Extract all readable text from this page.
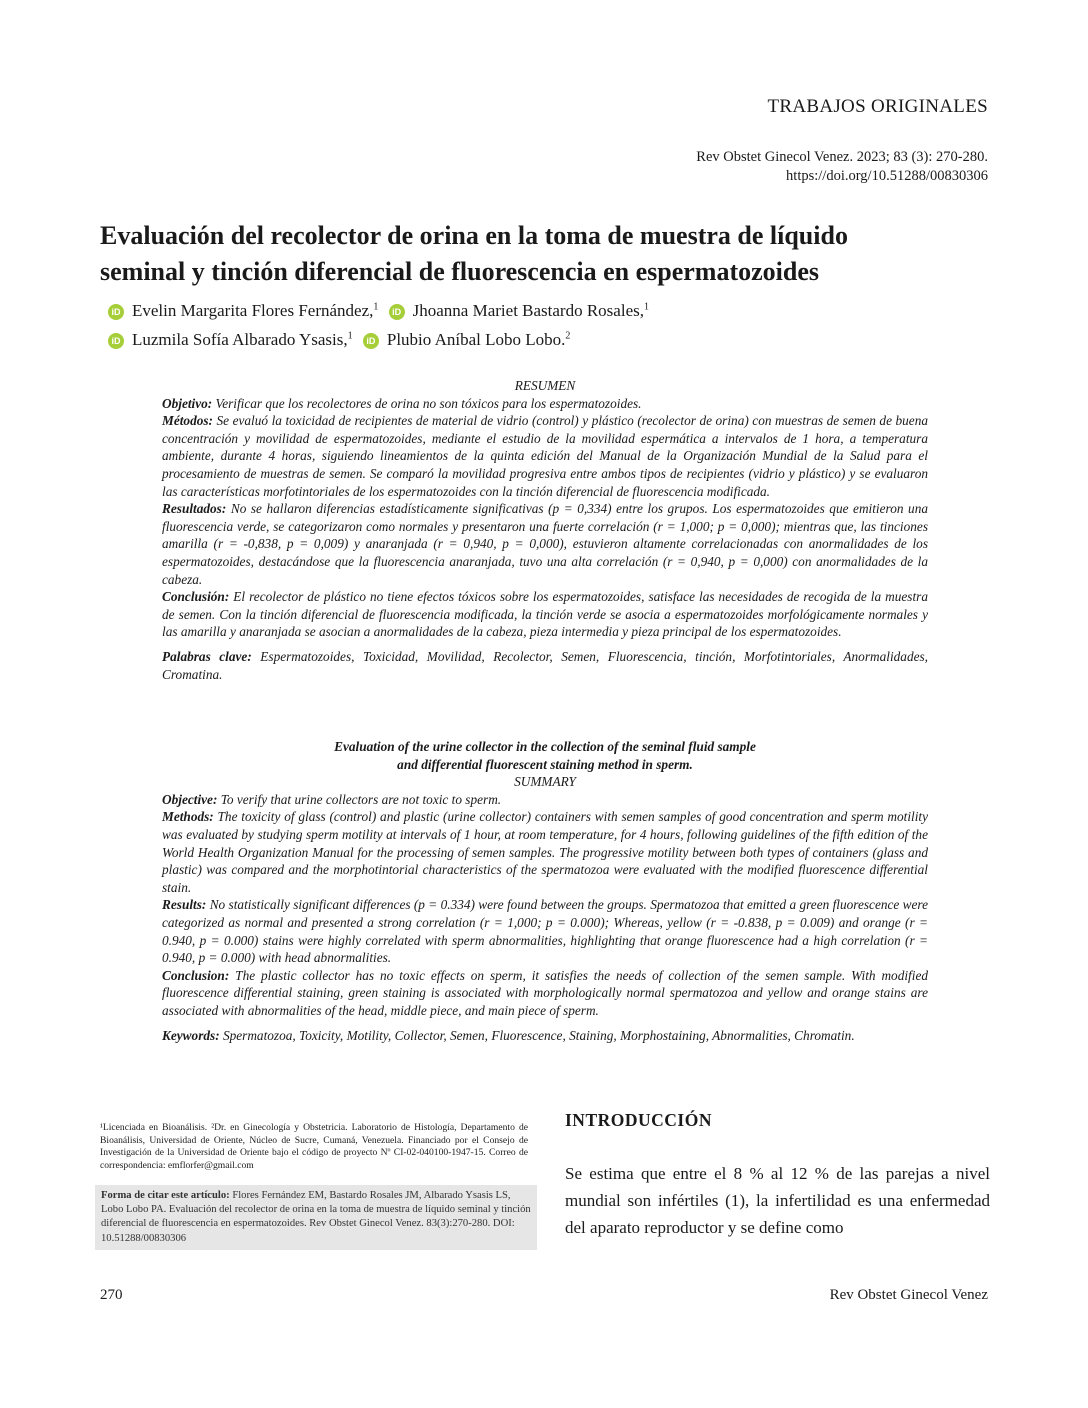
TRABAJOS ORIGINALES
Rev Obstet Ginecol Venez. 2023; 83 (3): 270-280.
https://doi.org/10.51288/00830306
Evaluación del recolector de orina en la toma de muestra de líquido
seminal y tinción diferencial de fluorescencia en espermatozoides
iD Evelin Margarita Flores Fernández,$^1$ iD Jhoanna Mariet Bastardo Rosales,$^1$
iD Luzmila Sofía Albarado Ysasis,$^1$ iD Plubio Aníbal Lobo Lobo.$^2$
RESUMEN

Objetivo: Verificar que los recolectores de orina no son tóxicos para los espermatozoides.

Métodos: Se evaluó la toxicidad de recipientes de material de vidrio (control) y plástico (recolector de orina) con muestras de semen de buena concentración y movilidad de espermatozoides, mediante el estudio de la movilidad espermática a intervalos de 1 hora, a temperatura ambiente, durante 4 horas, siguiendo lineamientos de la quinta edición del Manual de la Organización Mundial de la Salud para el procesamiento de muestras de semen. Se comparó la movilidad progresiva entre ambos tipos de recipientes (vidrio y plástico) y se evaluaron las características morfotintoriales de los espermatozoides con la tinción diferencial de fluorescencia modificada.

Resultados: No se hallaron diferencias estadísticamente significativas (p = 0,334) entre los grupos. Los espermatozoides que emitieron una fluorescencia verde, se categorizaron como normales y presentaron una fuerte correlación (r = 1,000; p = 0,000); mientras que, las tinciones amarilla (r = -0,838, p = 0,009) y anaranjada (r = 0,940, p = 0,000), estuvieron altamente correlacionadas con anormalidades de los espermatozoides, destacándose que la fluorescencia anaranjada, tuvo una alta correlación (r = 0,940, p = 0,000) con anormalidades de la cabeza.

Conclusión: El recolector de plástico no tiene efectos tóxicos sobre los espermatozoides, satisface las necesidades de recogida de la muestra de semen. Con la tinción diferencial de fluorescencia modificada, la tinción verde se asocia a espermatozoides morfológicamente normales y las amarilla y anaranjada se asocian a anormalidades de la cabeza, pieza intermedia y pieza principal de los espermatozoides.

Palabras clave: Espermatozoides, Toxicidad, Movilidad, Recolector, Semen, Fluorescencia, tinción, Morfotintoriales, Anormalidades, Cromatina.

Evaluation of the urine collector in the collection of the seminal fluid sample
and differential fluorescent staining method in sperm.
SUMMARY

Objective: To verify that urine collectors are not toxic to sperm.

Methods: The toxicity of glass (control) and plastic (urine collector) containers with semen samples of good concentration and sperm motility was evaluated by studying sperm motility at intervals of 1 hour, at room temperature, for 4 hours, following guidelines of the fifth edition of the World Health Organization Manual for the processing of semen samples. The progressive motility between both types of containers (glass and plastic) was compared and the morphotintorial characteristics of the spermatozoa were evaluated with the modified fluorescence differential stain.

Results: No statistically significant differences (p = 0.334) were found between the groups. Spermatozoa that emitted a green fluorescence were categorized as normal and presented a strong correlation (r = 1,000; p = 0.000); Whereas, yellow (r = -0.838, p = 0.009) and orange (r = 0.940, p = 0.000) stains were highly correlated with sperm abnormalities, highlighting that orange fluorescence had a high correlation (r = 0.940, p = 0.000) with head abnormalities.

Conclusion: The plastic collector has no toxic effects on sperm, it satisfies the needs of collection of the semen sample. With modified fluorescence differential staining, green staining is associated with morphologically normal spermatozoa and yellow and orange stains are associated with abnormalities of the head, middle piece, and main piece of sperm.

Keywords: Spermatozoa, Toxicity, Motility, Collector, Semen, Fluorescence, Staining, Morphostaining, Abnormalities, Chromatin.

¹Licenciada en Bioanálisis. ²Dr. en Ginecología y Obstetricia. Laboratorio de Histología, Departamento de Bioanálisis, Universidad de Oriente, Núcleo de Sucre, Cumaná, Venezuela. Financiado por el Consejo de Investigación de la Universidad de Oriente bajo el código de proyecto Nº CI-02-040100-1947-15. Correo de correspondencia: emflorfer@gmail.com
Forma de citar este artículo: Flores Fernández EM, Bastardo Rosales JM, Albarado Ysasis LS, Lobo Lobo PA. Evaluación del recolector de orina en la toma de muestra de líquido seminal y tinción diferencial de fluorescencia en espermatozoides. Rev Obstet Ginecol Venez. 83(3):270-280. DOI: 10.51288/00830306
INTRODUCCIÓN
Se estima que entre el 8 % al 12 % de las parejas a nivel mundial son infértiles (1), la infertilidad es una enfermedad del aparato reproductor y se define como
270	Rev Obstet Ginecol Venez
